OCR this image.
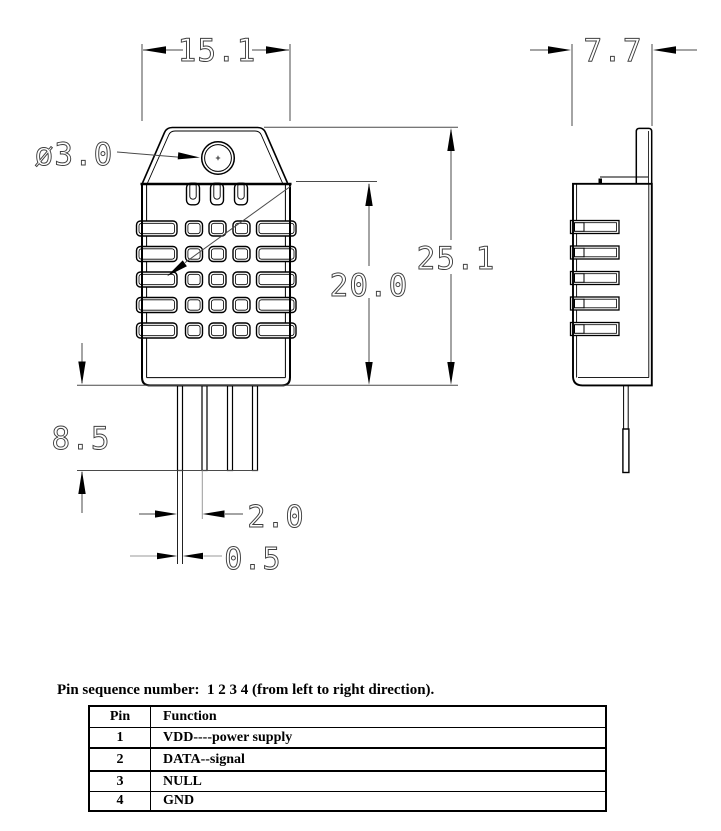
15.1	7.7
ø3.0
25.1
20.0
8.5
2.0
0.5
Pin sequence number:  1 2 3 4 (from left to right direction).
Pin	Function
1	VDD----power supply
2	DATA--signal
3	NULL
4	GND
